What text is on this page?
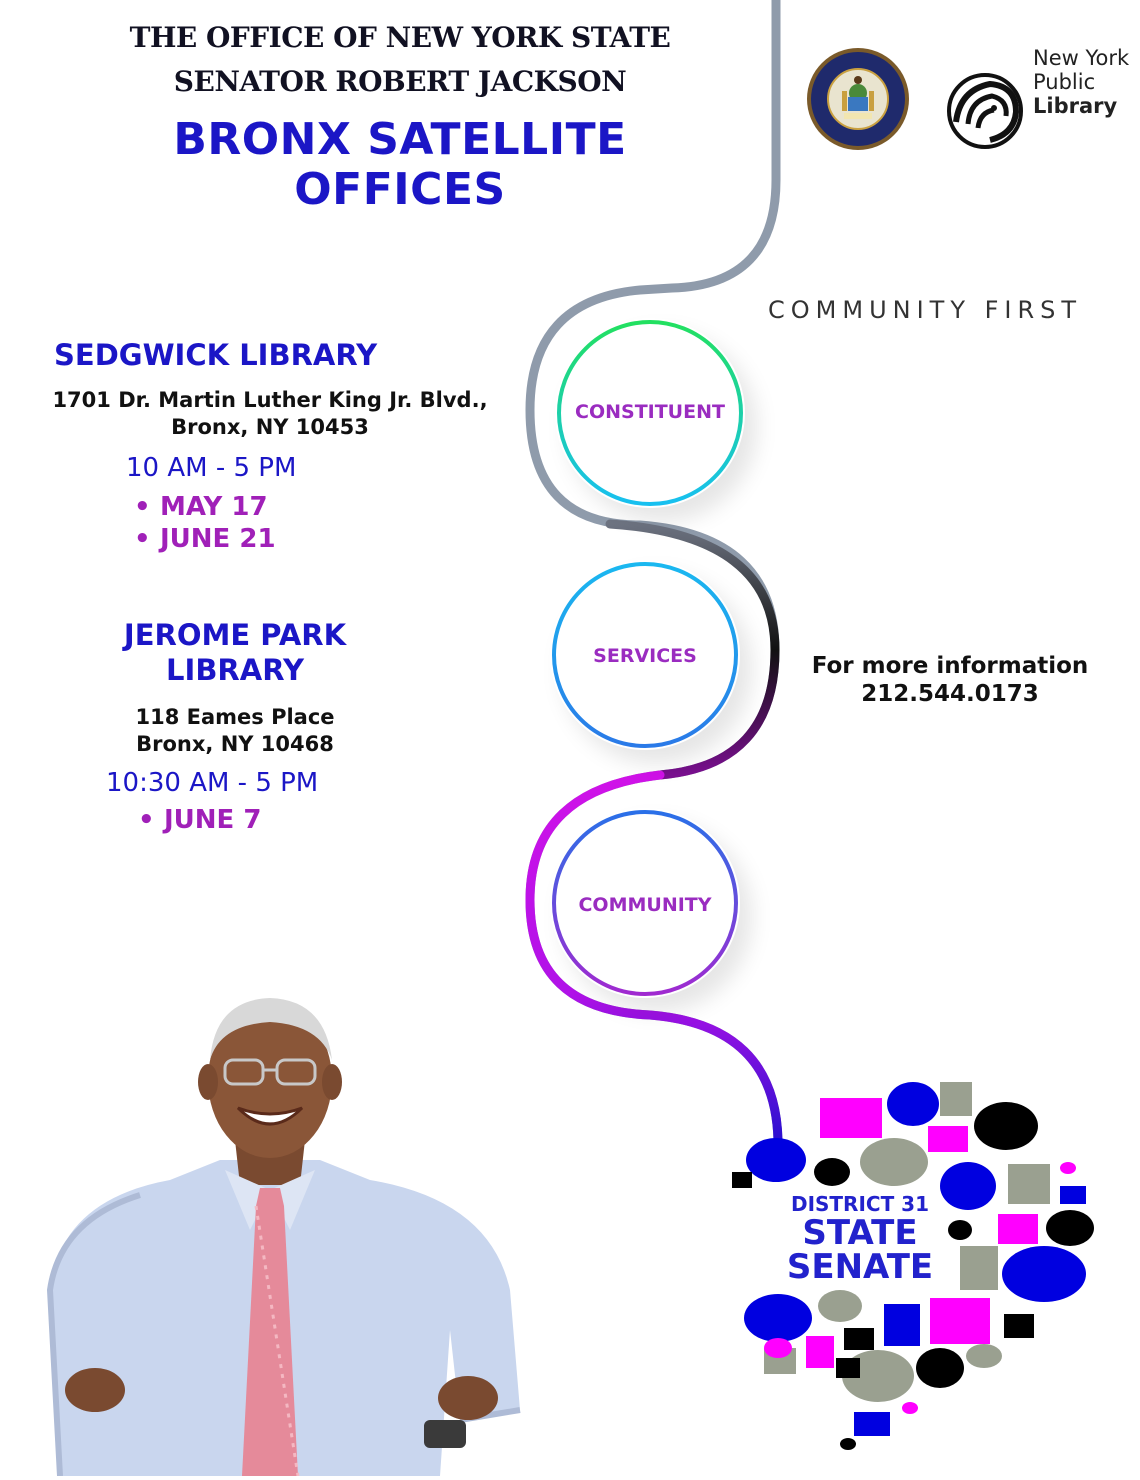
THE OFFICE OF NEW YORK STATE
SENATOR ROBERT JACKSON
BRONX SATELLITE
OFFICES
New York
Public
Library
COMMUNITY FIRST
SEDGWICK LIBRARY
1701 Dr. Martin Luther King Jr. Blvd.,
Bronx, NY 10453
10 AM - 5 PM
• MAY 17
• JUNE 21
JEROME PARK
LIBRARY
118 Eames Place
Bronx, NY 10468
10:30 AM - 5 PM
• JUNE 7
CONSTITUENT
SERVICES
COMMUNITY
For more information
212.544.0173
DISTRICT 31
STATE
SENATE
